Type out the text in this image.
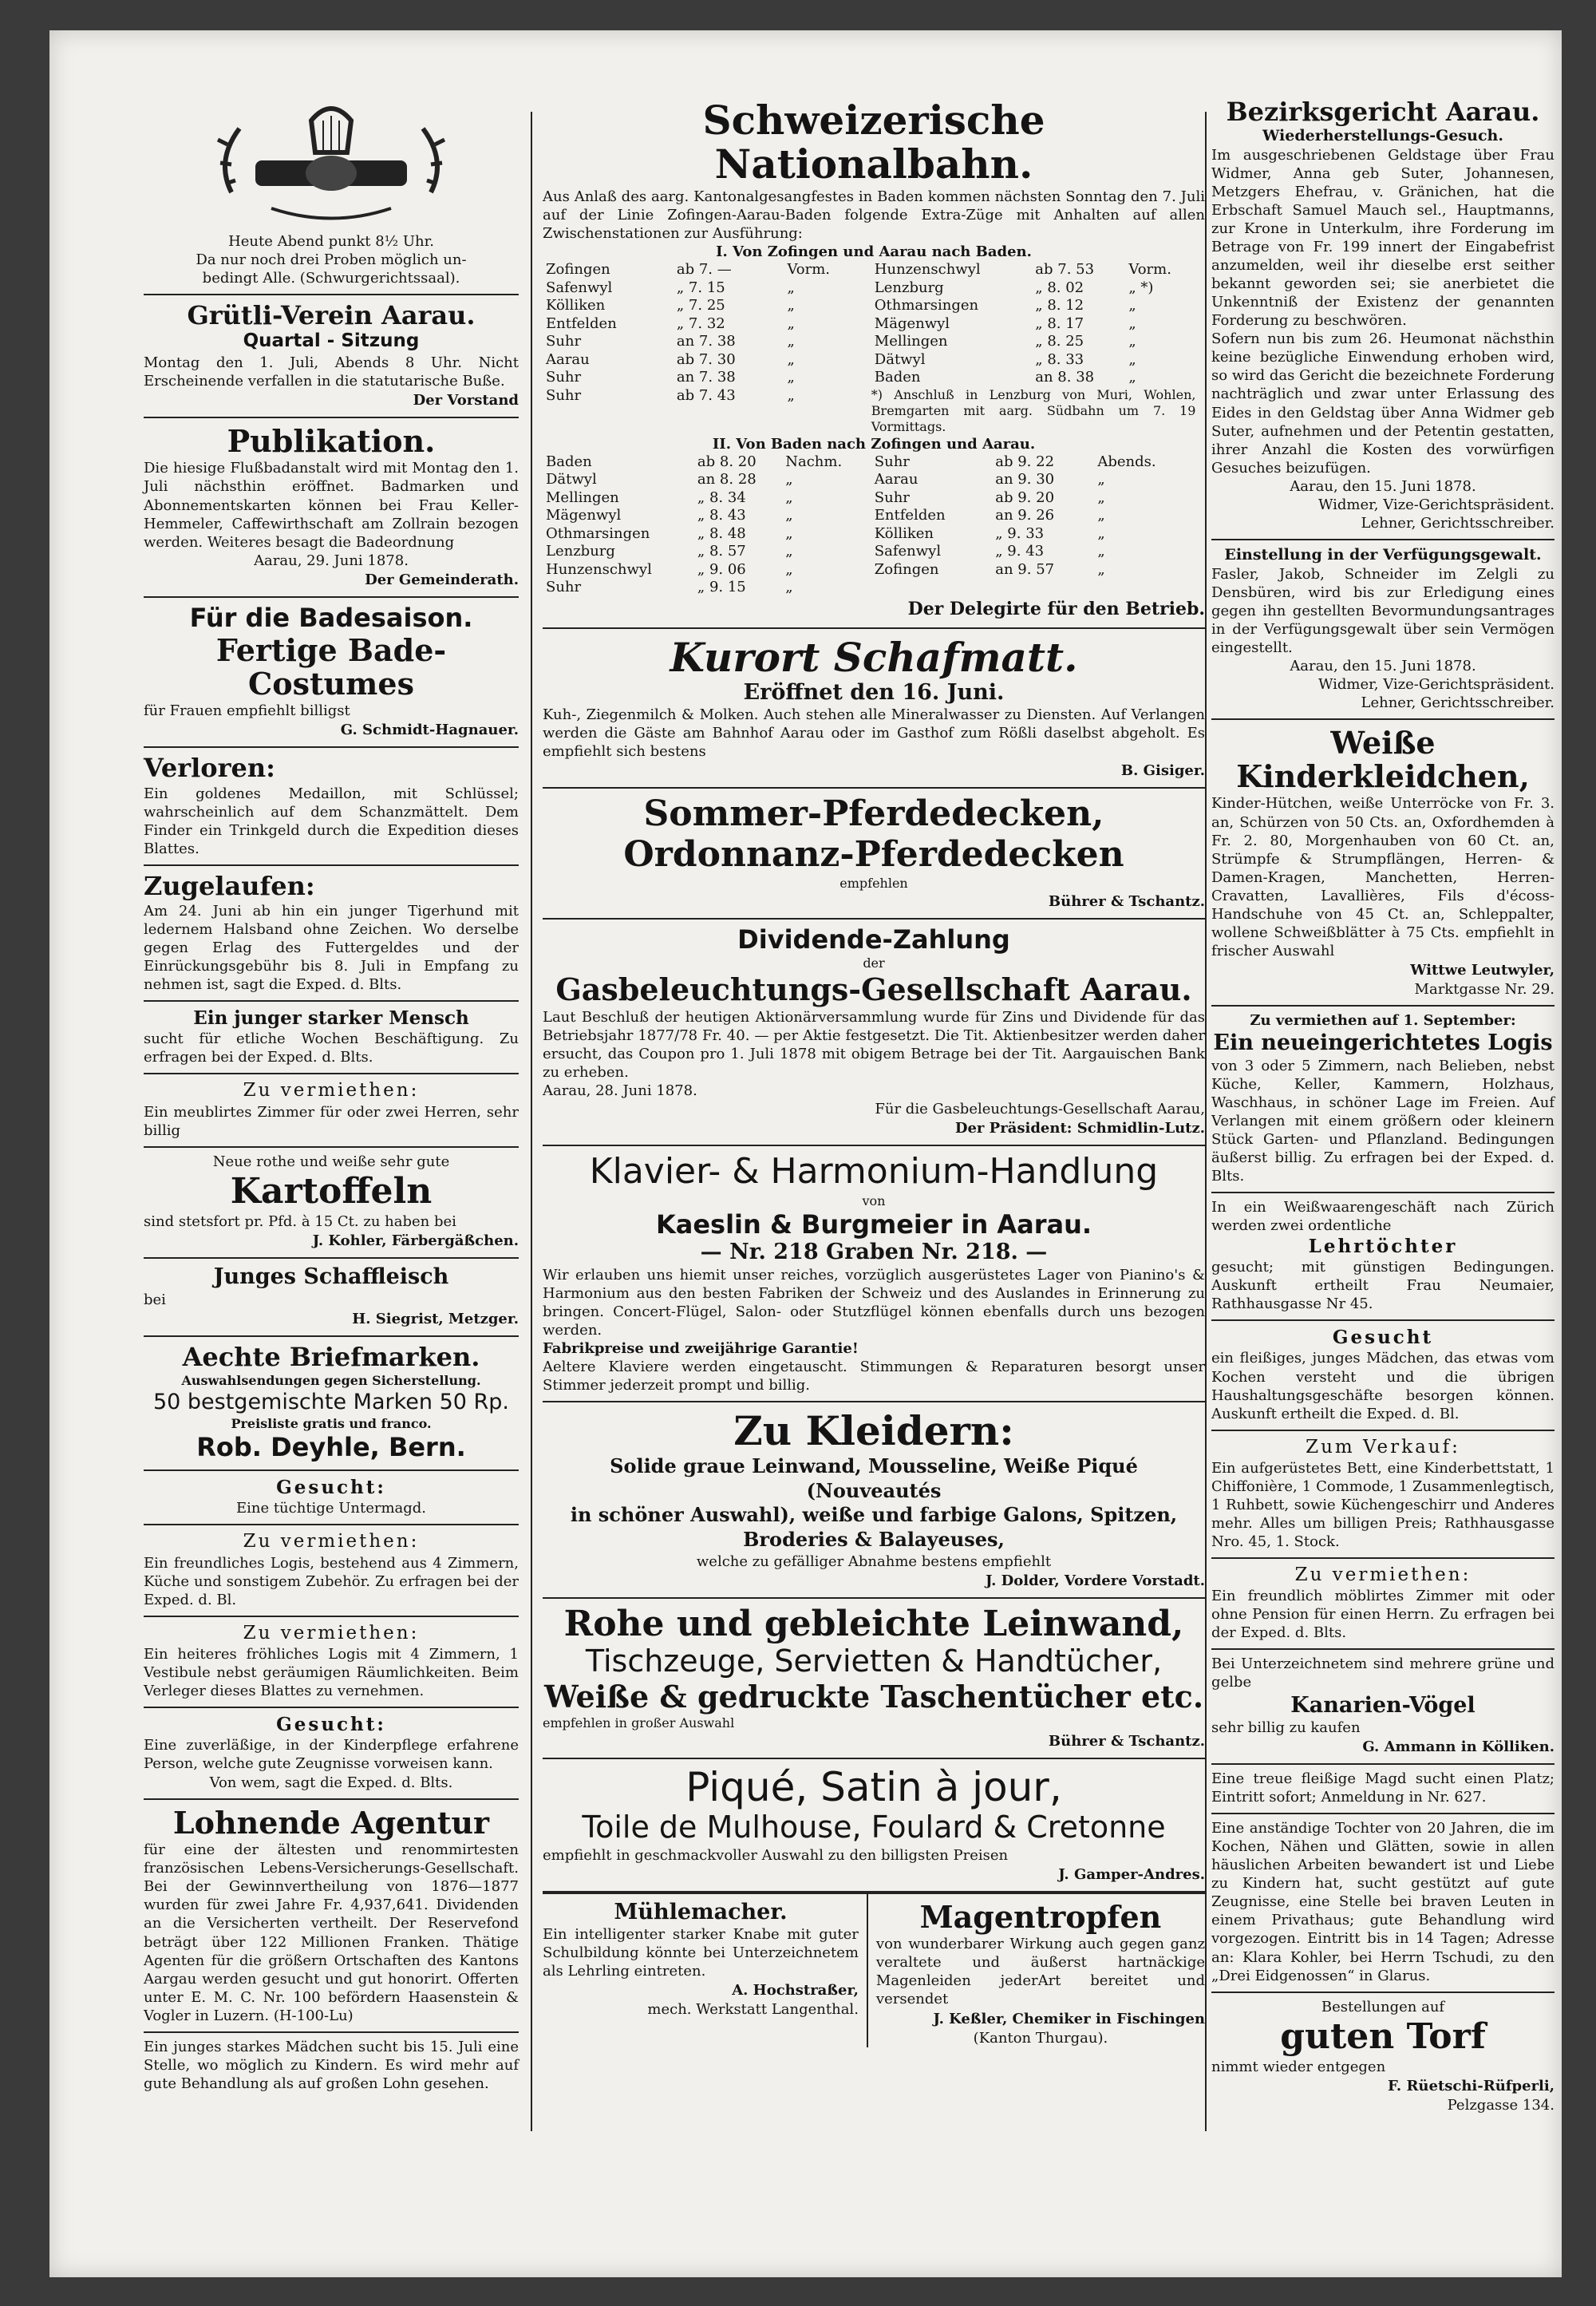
Heute Abend punkt 8½ Uhr.

Da nur noch drei Proben möglich un-

bedingt Alle. (Schwurgerichtssaal).

Grütli-Verein Aarau.
Quartal - Sitzung

Montag den 1. Juli, Abends 8 Uhr. Nicht Erscheinende verfallen in die statutarische Buße.

Der Vorstand

Publikation.

Die hiesige Flußbadanstalt wird mit Montag den 1. Juli nächsthin eröffnet. Badmarken und Abonnementskarten können bei Frau Keller-Hemmeler, Caffewirthschaft am Zollrain bezogen werden. Weiteres besagt die Badeordnung

Aarau, 29. Juni 1878.

Der Gemeinderath.

Für die Badesaison.
Fertige Bade-Costumes

für Frauen empfiehlt billigst

G. Schmidt-Hagnauer.

Verloren:

Ein goldenes Medaillon, mit Schlüssel; wahrscheinlich auf dem Schanzmättelt. Dem Finder ein Trinkgeld durch die Expedition dieses Blattes.

Zugelaufen:

Am 24. Juni ab hin ein junger Tigerhund mit ledernem Halsband ohne Zeichen. Wo derselbe gegen Erlag des Futtergeldes und der Einrückungsgebühr bis 8. Juli in Empfang zu nehmen ist, sagt die Exped. d. Blts.

Ein junger starker Mensch

sucht für etliche Wochen Beschäftigung. Zu erfragen bei der Exped. d. Blts.

Zu vermiethen:

Ein meublirtes Zimmer für oder zwei Herren, sehr billig

Neue rothe und weiße sehr gute

Kartoffeln

sind stetsfort pr. Pfd. à 15 Ct. zu haben bei

J. Kohler, Färbergäßchen.

Junges Schaffleisch

bei

H. Siegrist, Metzger.

Aechte Briefmarken.

Auswahlsendungen gegen Sicherstellung.

50 bestgemischte Marken 50 Rp.

Preisliste gratis und franco.

Rob. Deyhle, Bern.
Gesucht:

Eine tüchtige Untermagd.

Zu vermiethen:

Ein freundliches Logis, bestehend aus 4 Zimmern, Küche und sonstigem Zubehör. Zu erfragen bei der Exped. d. Bl.

Zu vermiethen:

Ein heiteres fröhliches Logis mit 4 Zimmern, 1 Vestibule nebst geräumigen Räumlichkeiten. Beim Verleger dieses Blattes zu vernehmen.

Gesucht:

Eine zuverläßige, in der Kinderpflege erfahrene Person, welche gute Zeugnisse vorweisen kann.

Von wem, sagt die Exped. d. Blts.

Lohnende Agentur

für eine der ältesten und renommirtesten französischen Lebens-Versicherungs-Gesellschaft. Bei der Gewinnvertheilung von 1876—1877 wurden für zwei Jahre Fr. 4,937,641. Dividenden an die Versicherten vertheilt. Der Reservefond beträgt über 122 Millionen Franken. Thätige Agenten für die größern Ortschaften des Kantons Aargau werden gesucht und gut honorirt. Offerten unter E. M. C. Nr. 100 befördern Haasenstein & Vogler in Luzern. (H-100-Lu)

Ein junges starkes Mädchen sucht bis 15. Juli eine Stelle, wo möglich zu Kindern. Es wird mehr auf gute Behandlung als auf großen Lohn gesehen.

Schweizerische Nationalbahn.

Aus Anlaß des aarg. Kantonalgesangfestes in Baden kommen nächsten Sonntag den 7. Juli auf der Linie Zofingen-Aarau-Baden folgende Extra-Züge mit Anhalten auf allen Zwischenstationen zur Ausführung:

I. Von Zofingen und Aarau nach Baden.

Zofingen	ab 7. —	Vorm.
Safenwyl	„ 7. 15	„
Kölliken	„ 7. 25	„
Entfelden	„ 7. 32	„
Suhr	an 7. 38	„
Aarau	ab 7. 30	„
Suhr	an 7. 38	„
Suhr	ab 7. 43	„

Hunzenschwyl	ab 7. 53	Vorm.
Lenzburg	„ 8. 02	„ *)
Othmarsingen	„ 8. 12	„
Mägenwyl	„ 8. 17	„
Mellingen	„ 8. 25	„
Dätwyl	„ 8. 33	„
Baden	an 8. 38	„

*) Anschluß in Lenzburg von Muri, Wohlen, Bremgarten mit aarg. Südbahn um 7. 19 Vormittags.

II. Von Baden nach Zofingen und Aarau.

Baden	ab 8. 20	Nachm.
Dätwyl	an 8. 28	„
Mellingen	„ 8. 34	„
Mägenwyl	„ 8. 43	„
Othmarsingen	„ 8. 48	„
Lenzburg	„ 8. 57	„
Hunzenschwyl	„ 9. 06	„
Suhr	„ 9. 15	„

Suhr	ab 9. 22	Abends.
Aarau	an 9. 30	„
Suhr	ab 9. 20	„
Entfelden	an 9. 26	„
Kölliken	„ 9. 33	„
Safenwyl	„ 9. 43	„
Zofingen	an 9. 57	„

Der Delegirte für den Betrieb.

Kurort Schafmatt.
Eröffnet den 16. Juni.

Kuh-, Ziegenmilch & Molken. Auch stehen alle Mineralwasser zu Diensten. Auf Verlangen werden die Gäste am Bahnhof Aarau oder im Gasthof zum Rößli daselbst abgeholt. Es empfiehlt sich bestens

B. Gisiger.

Sommer-Pferdedecken,
Ordonnanz-Pferdedecken

empfehlen

Bührer & Tschantz.

Dividende-Zahlung

der

Gasbeleuchtungs-Gesellschaft Aarau.

Laut Beschluß der heutigen Aktionärversammlung wurde für Zins und Dividende für das Betriebsjahr 1877/78 Fr. 40. — per Aktie festgesetzt. Die Tit. Aktienbesitzer werden daher ersucht, das Coupon pro 1. Juli 1878 mit obigem Betrage bei der Tit. Aargauischen Bank zu erheben.

Aarau, 28. Juni 1878.

Für die Gasbeleuchtungs-Gesellschaft Aarau,

Der Präsident: Schmidlin-Lutz.

Klavier- & Harmonium-Handlung

von

Kaeslin & Burgmeier in Aarau.
— Nr. 218 Graben Nr. 218. —

Wir erlauben uns hiemit unser reiches, vorzüglich ausgerüstetes Lager von Pianino's & Harmonium aus den besten Fabriken der Schweiz und des Auslandes in Erinnerung zu bringen. Concert-Flügel, Salon- oder Stutzflügel können ebenfalls durch uns bezogen werden.

Fabrikpreise und zweijährige Garantie!

Aeltere Klaviere werden eingetauscht. Stimmungen & Reparaturen besorgt unser Stimmer jederzeit prompt und billig.

Zu Kleidern:

Solide graue Leinwand, Mousseline, Weiße Piqué (Nouveautés

in schöner Auswahl), weiße und farbige Galons, Spitzen,

Broderies & Balayeuses,

welche zu gefälliger Abnahme bestens empfiehlt

J. Dolder, Vordere Vorstadt.

Rohe und gebleichte Leinwand,
Tischzeuge, Servietten & Handtücher,
Weiße & gedruckte Taschentücher etc.

empfehlen in großer Auswahl

Bührer & Tschantz.

Piqué, Satin à jour,
Toile de Mulhouse, Foulard & Cretonne

empfiehlt in geschmackvoller Auswahl zu den billigsten Preisen

J. Gamper-Andres.

Mühlemacher.

Ein intelligenter starker Knabe mit guter Schulbildung könnte bei Unterzeichnetem als Lehrling eintreten.

A. Hochstraßer,

mech. Werkstatt Langenthal.

Magentropfen

von wunderbarer Wirkung auch gegen ganz veraltete und äußerst hartnäckige Magenleiden jederArt bereitet und versendet

J. Keßler, Chemiker in Fischingen

(Kanton Thurgau).

Bezirksgericht Aarau.
Wiederherstellungs-Gesuch.

Im ausgeschriebenen Geldstage über Frau Widmer, Anna geb Suter, Johannesen, Metzgers Ehefrau, v. Gränichen, hat die Erbschaft Samuel Mauch sel., Hauptmanns, zur Krone in Unterkulm, ihre Forderung im Betrage von Fr. 199 innert der Eingabefrist anzumelden, weil ihr dieselbe erst seither bekannt geworden sei; sie anerbietet die Unkenntniß der Existenz der genannten Forderung zu beschwören.

Sofern nun bis zum 26. Heumonat nächsthin keine bezügliche Einwendung erhoben wird, so wird das Gericht die bezeichnete Forderung nachträglich und zwar unter Erlassung des Eides in den Geldstag über Anna Widmer geb Suter, aufnehmen und der Petentin gestatten, ihrer Anzahl die Kosten des vorwürfigen Gesuches beizufügen.

Aarau, den 15. Juni 1878.

Widmer, Vize-Gerichtspräsident.

Lehner, Gerichtsschreiber.

Einstellung in der Verfügungsgewalt.

Fasler, Jakob, Schneider im Zelgli zu Densbüren, wird bis zur Erledigung eines gegen ihn gestellten Bevormundungsantrages in der Verfügungsgewalt über sein Vermögen eingestellt.

Aarau, den 15. Juni 1878.

Widmer, Vize-Gerichtspräsident.

Lehner, Gerichtsschreiber.

Weiße Kinderkleidchen,

Kinder-Hütchen, weiße Unterröcke von Fr. 3. an, Schürzen von 50 Cts. an, Oxfordhemden à Fr. 2. 80, Morgenhauben von 60 Ct. an, Strümpfe & Strumpflängen, Herren- & Damen-Kragen, Manchetten, Herren-Cravatten, Lavallières, Fils d'écoss-Handschuhe von 45 Ct. an, Schleppalter, wollene Schweißblätter à 75 Cts. empfiehlt in frischer Auswahl

Wittwe Leutwyler,

Marktgasse Nr. 29.

Zu vermiethen auf 1. September:

Ein neueingerichtetes Logis

von 3 oder 5 Zimmern, nach Belieben, nebst Küche, Keller, Kammern, Holzhaus, Waschhaus, in schöner Lage im Freien. Auf Verlangen mit einem größern oder kleinern Stück Garten- und Pflanzland. Bedingungen äußerst billig. Zu erfragen bei der Exped. d. Blts.

In ein Weißwaarengeschäft nach Zürich werden zwei ordentliche

Lehrtöchter

gesucht; mit günstigen Bedingungen. Auskunft ertheilt Frau Neumaier, Rathhausgasse Nr 45.

Gesucht

ein fleißiges, junges Mädchen, das etwas vom Kochen versteht und die übrigen Haushaltungsgeschäfte besorgen können. Auskunft ertheilt die Exped. d. Bl.

Zum Verkauf:

Ein aufgerüstetes Bett, eine Kinderbettstatt, 1 Chiffonière, 1 Commode, 1 Zusammenlegtisch, 1 Ruhbett, sowie Küchengeschirr und Anderes mehr. Alles um billigen Preis; Rathhausgasse Nro. 45, 1. Stock.

Zu vermiethen:

Ein freundlich möblirtes Zimmer mit oder ohne Pension für einen Herrn. Zu erfragen bei der Exped. d. Blts.

Bei Unterzeichnetem sind mehrere grüne und gelbe

Kanarien-Vögel

sehr billig zu kaufen

G. Ammann in Kölliken.

Eine treue fleißige Magd sucht einen Platz; Eintritt sofort; Anmeldung in Nr. 627.

Eine anständige Tochter von 20 Jahren, die im Kochen, Nähen und Glätten, sowie in allen häuslichen Arbeiten bewandert ist und Liebe zu Kindern hat, sucht gestützt auf gute Zeugnisse, eine Stelle bei braven Leuten in einem Privathaus; gute Behandlung wird vorgezogen. Eintritt bis in 14 Tagen; Adresse an: Klara Kohler, bei Herrn Tschudi, zu den „Drei Eidgenossen“ in Glarus.

Bestellungen auf

guten Torf

nimmt wieder entgegen

F. Rüetschi-Rüfperli,

Pelzgasse 134.
